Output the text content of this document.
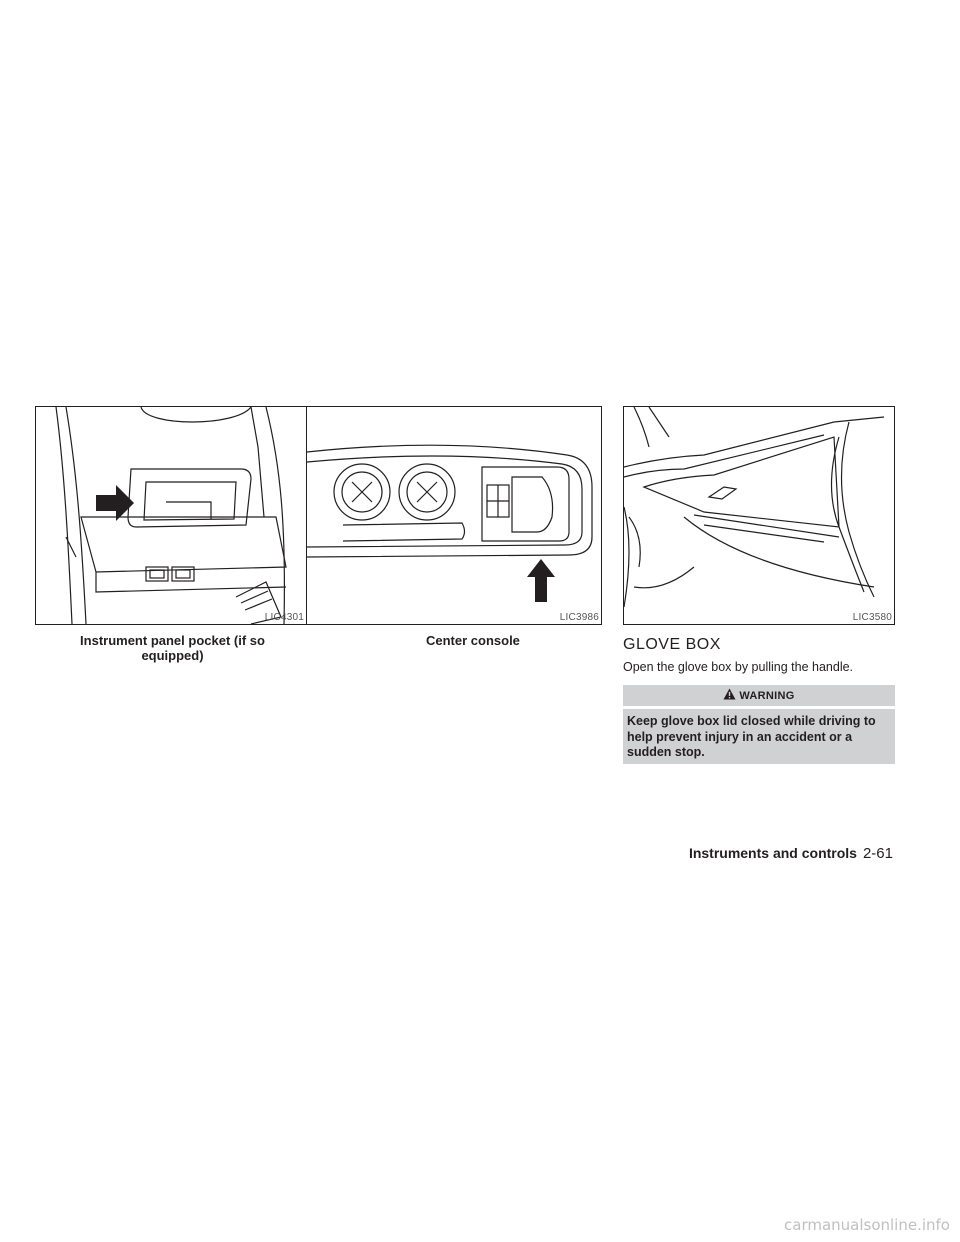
LIC4301	LIC3986	LIC3580
Instrument panel pocket (if so equipped)
Center console	GLOVE BOX
Open the glove box by pulling the handle.
WARNING
Keep glove box lid closed while driving to help prevent injury in an accident or a sudden stop.
Instruments and controls 2-61
carmanualsonline.info
